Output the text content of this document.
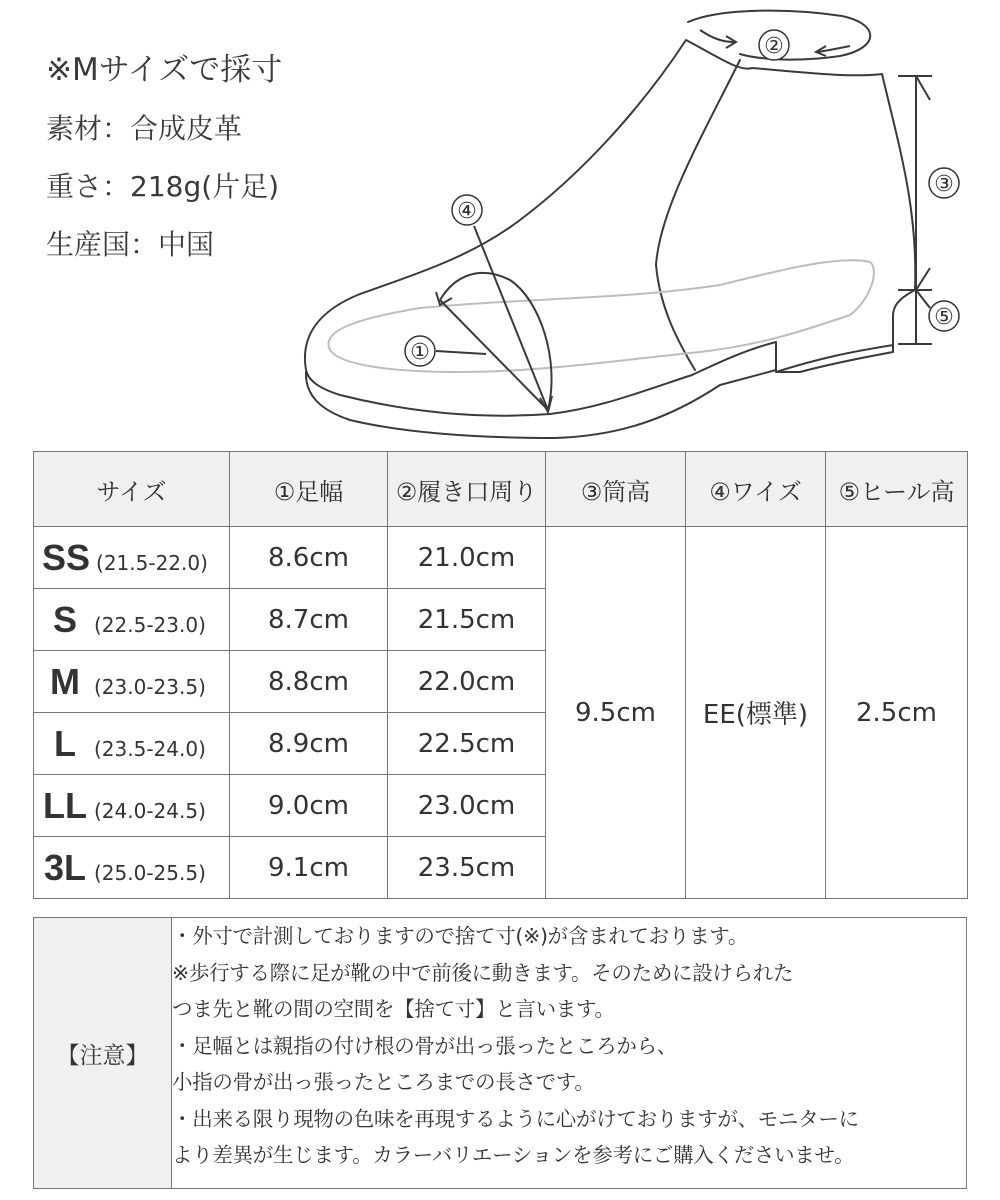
※Mサイズで採寸

素材：合成皮革

重さ：218g(片足)

生産国：中国

①
②
③
④
⑤
サイズ	①足幅	②履き口周り	③筒高	④ワイズ	⑤ヒール高
SS (21.5-22.0)	8.6cm	21.0cm	9.5cm	EE(標準)	2.5cm
S (22.5-23.0)	8.7cm	21.5cm			
M (23.0-23.5)	8.8cm	22.0cm			
L (23.5-24.0)	8.9cm	22.5cm			
LL (24.0-24.5)	9.0cm	23.0cm			
3L (25.0-25.5)	9.1cm	23.5cm			
【注意】	
・外寸で計測しておりますので捨て寸(※)が含まれております。
※歩行する際に足が靴の中で前後に動きます。そのために設けられた
つま先と靴の間の空間を【捨て寸】と言います。
・足幅とは親指の付け根の骨が出っ張ったところから、
小指の骨が出っ張ったところまでの長さです。
・出来る限り現物の色味を再現するように心がけておりますが、モニターに
より差異が生じます。カラーバリエーションを参考にご購入くださいませ。
